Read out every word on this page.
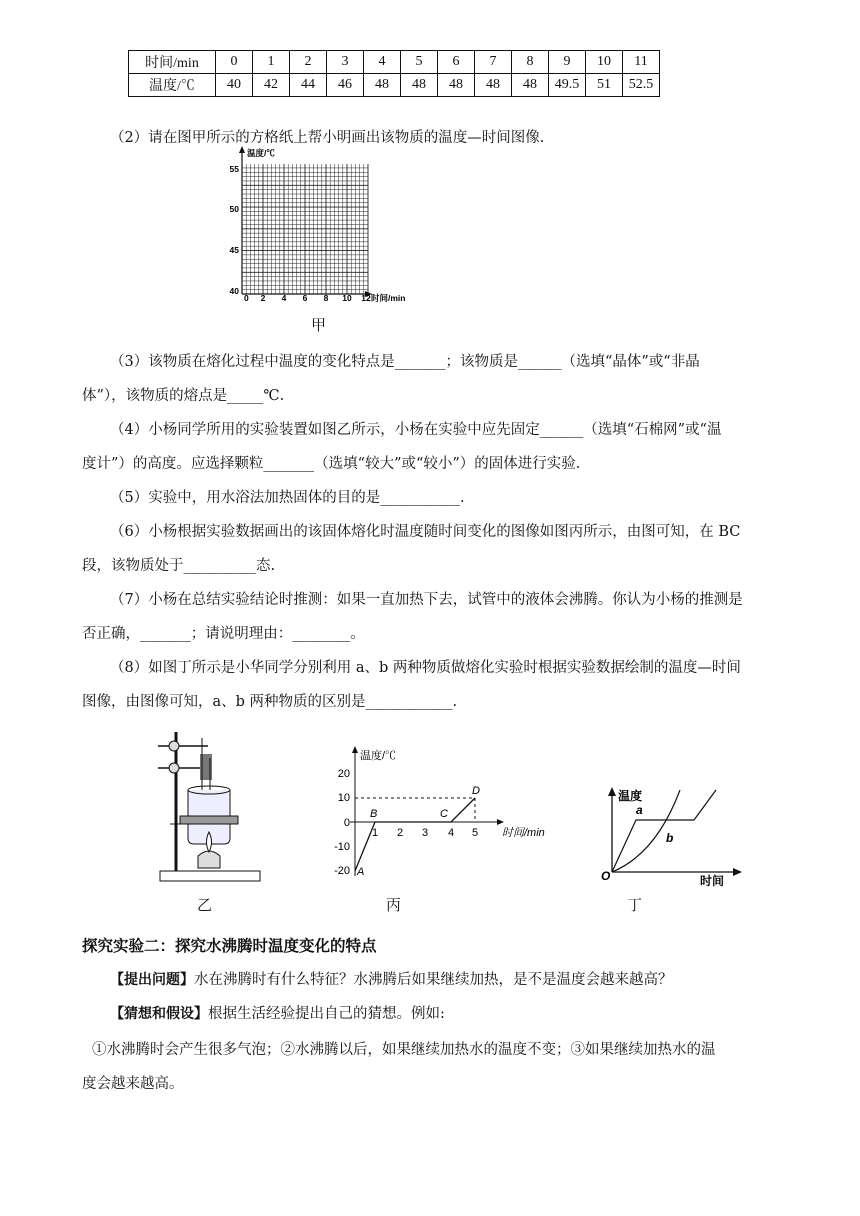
时间/min	0	1	2	3	4	5	6	7	8	9	10	11
温度/℃	40	42	44	46	48	48	48	48	48	49.5	51	52.5
（2）请在图甲所示的方格纸上帮小明画出该物质的温度—时间图像.
温度/℃
时间/min
55
50
45
40
0 2 4 6 8 10 12
甲
（3）该物质在熔化过程中温度的变化特点是_______；该物质是______（选填“晶体”或“非晶
体”），该物质的熔点是_____℃.
（4）小杨同学所用的实验装置如图乙所示，小杨在实验中应先固定______（选填“石棉网”或“温
度计”）的高度。应选择颗粒_______（选填“较大”或“较小”）的固体进行实验.
（5）实验中，用水浴法加热固体的目的是___________.
（6）小杨根据实验数据画出的该固体熔化时温度随时间变化的图像如图丙所示，由图可知，在 BC
段，该物质处于__________态.
（7）小杨在总结实验结论时推测：如果一直加热下去，试管中的液体会沸腾。你认为小杨的推测是
否正确，_______；请说明理由：________。
（8）如图丁所示是小华同学分别利用 a、b 两种物质做熔化实验时根据实验数据绘制的温度—时间
图像，由图像可知，a、b 两种物质的区别是____________.
乙
温度/℃
时间/min
20
10
0
-10
-20
1 2 3 4 5
A
B	C
D
丙
温度
时间
O
a
b
丁
探究实验二：探究水沸腾时温度变化的特点
【提出问题】水在沸腾时有什么特征？水沸腾后如果继续加热，是不是温度会越来越高？
【猜想和假设】根据生活经验提出自己的猜想。例如:
①水沸腾时会产生很多气泡；②水沸腾以后，如果继续加热水的温度不变；③如果继续加热水的温
度会越来越高。
